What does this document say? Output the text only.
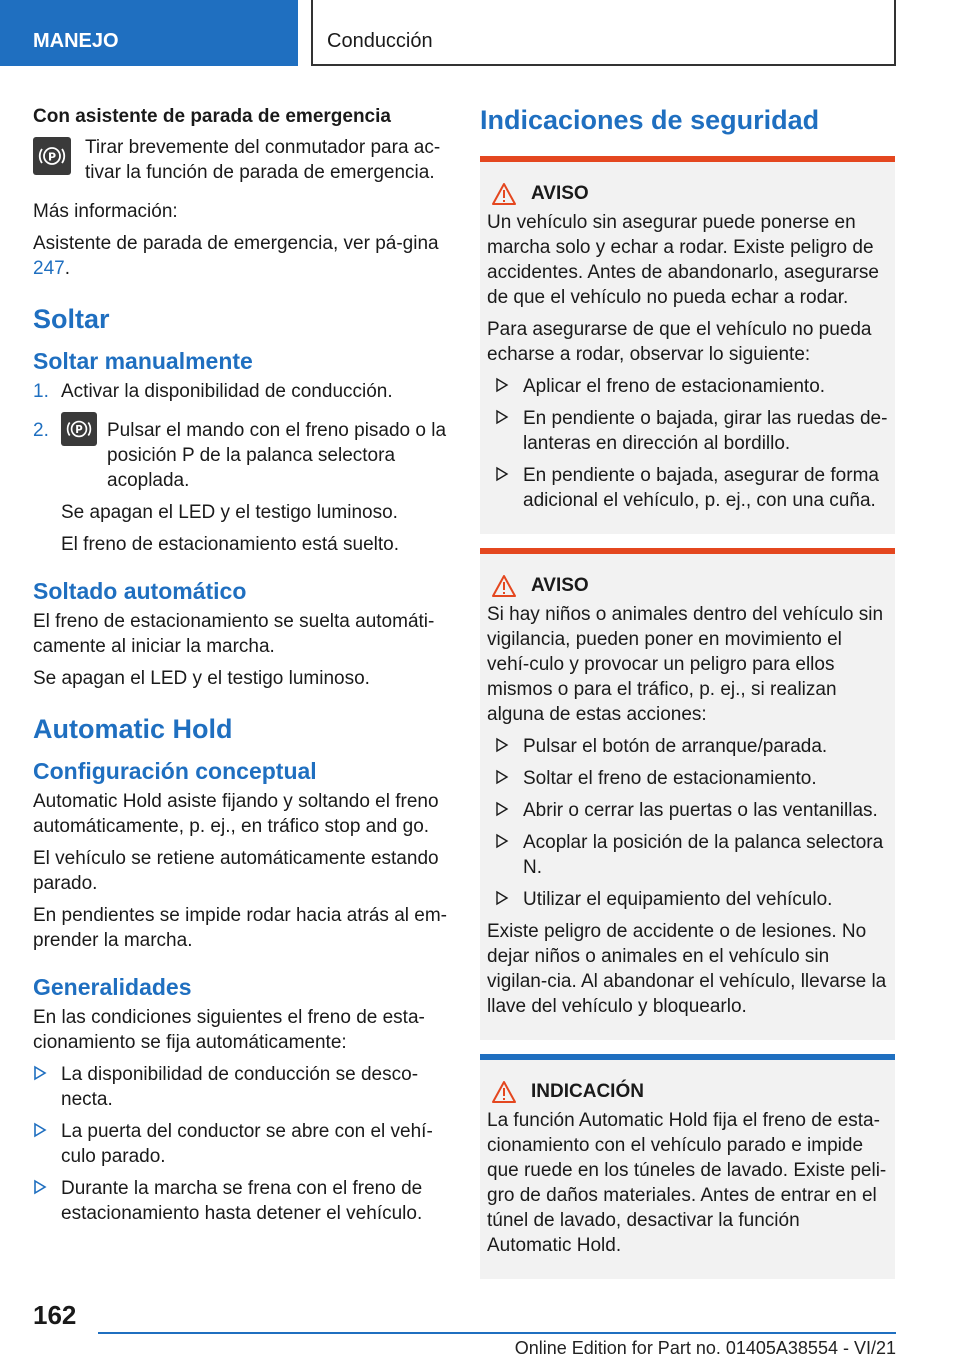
MANEJO	Conducción
Con asistente de parada de emergencia
P Tirar brevemente del conmutador para ac-tivar la función de parada de emergencia.
Más información:
Asistente de parada de emergencia, ver pá-gina 247.
Soltar
Soltar manualmente
1. Activar la disponibilidad de conducción.
2.	P Pulsar el mando con el freno pisado o la posición P de la palanca selectora acoplada.
Se apagan el LED y el testigo luminoso.
El freno de estacionamiento está suelto.
Soltado automático
El freno de estacionamiento se suelta automáti-camente al iniciar la marcha.
Se apagan el LED y el testigo luminoso.
Automatic Hold
Configuración conceptual
Automatic Hold asiste fijando y soltando el freno automáticamente, p. ej., en tráfico stop and go.
El vehículo se retiene automáticamente estando parado.
En pendientes se impide rodar hacia atrás al em-prender la marcha.
Generalidades
En las condiciones siguientes el freno de esta-cionamiento se fija automáticamente:
La disponibilidad de conducción se desco-necta.
La puerta del conductor se abre con el vehí-culo parado.
Durante la marcha se frena con el freno de estacionamiento hasta detener el vehículo.
Indicaciones de seguridad
AVISO
Un vehículo sin asegurar puede ponerse en marcha solo y echar a rodar. Existe peligro de accidentes. Antes de abandonarlo, asegurarse de que el vehículo no pueda echar a rodar.
Para asegurarse de que el vehículo no pueda echarse a rodar, observar lo siguiente:
Aplicar el freno de estacionamiento.
En pendiente o bajada, girar las ruedas de-lanteras en dirección al bordillo.
En pendiente o bajada, asegurar de forma adicional el vehículo, p. ej., con una cuña.
AVISO
Si hay niños o animales dentro del vehículo sin vigilancia, pueden poner en movimiento el vehí-culo y provocar un peligro para ellos mismos o para el tráfico, p. ej., si realizan alguna de estas acciones:
Pulsar el botón de arranque/parada.
Soltar el freno de estacionamiento.
Abrir o cerrar las puertas o las ventanillas.
Acoplar la posición de la palanca selectora N.
Utilizar el equipamiento del vehículo.
Existe peligro de accidente o de lesiones. No dejar niños o animales en el vehículo sin vigilan-cia. Al abandonar el vehículo, llevarse la llave del vehículo y bloquearlo.
INDICACIÓN
La función Automatic Hold fija el freno de esta-cionamiento con el vehículo parado e impide que ruede en los túneles de lavado. Existe peli-gro de daños materiales. Antes de entrar en el túnel de lavado, desactivar la función Automatic Hold.
162
Online Edition for Part no. 01405A38554 - VI/21
